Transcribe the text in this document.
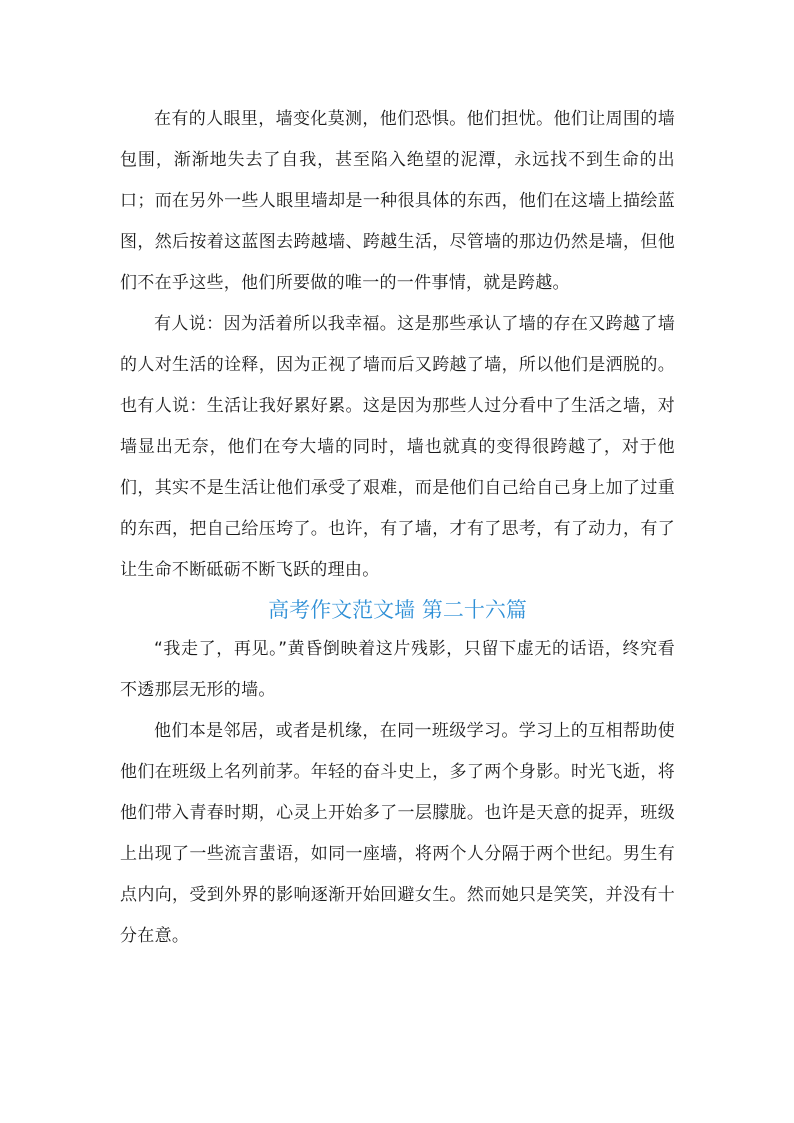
在有的人眼里，墙变化莫测，他们恐惧。他们担忧。他们让周围的墙包围，渐渐地失去了自我，甚至陷入绝望的泥潭，永远找不到生命的出口；而在另外一些人眼里墙却是一种很具体的东西，他们在这墙上描绘蓝图，然后按着这蓝图去跨越墙、跨越生活，尽管墙的那边仍然是墙，但他们不在乎这些，他们所要做的唯一的一件事情，就是跨越。

有人说：因为活着所以我幸福。这是那些承认了墙的存在又跨越了墙的人对生活的诠释，因为正视了墙而后又跨越了墙，所以他们是洒脱的。也有人说：生活让我好累好累。这是因为那些人过分看中了生活之墙，对墙显出无奈，他们在夸大墙的同时，墙也就真的变得很跨越了，对于他们，其实不是生活让他们承受了艰难，而是他们自己给自己身上加了过重的东西，把自己给压垮了。也许，有了墙，才有了思考，有了动力，有了让生命不断砥砺不断飞跃的理由。

高考作文范文墙 第二十六篇

“我走了，再见。”黄昏倒映着这片残影，只留下虚无的话语，终究看不透那层无形的墙。

他们本是邻居，或者是机缘，在同一班级学习。学习上的互相帮助使他们在班级上名列前茅。年轻的奋斗史上，多了两个身影。时光飞逝，将他们带入青春时期，心灵上开始多了一层朦胧。也许是天意的捉弄，班级上出现了一些流言蜚语，如同一座墙，将两个人分隔于两个世纪。男生有点内向，受到外界的影响逐渐开始回避女生。然而她只是笑笑，并没有十分在意。
